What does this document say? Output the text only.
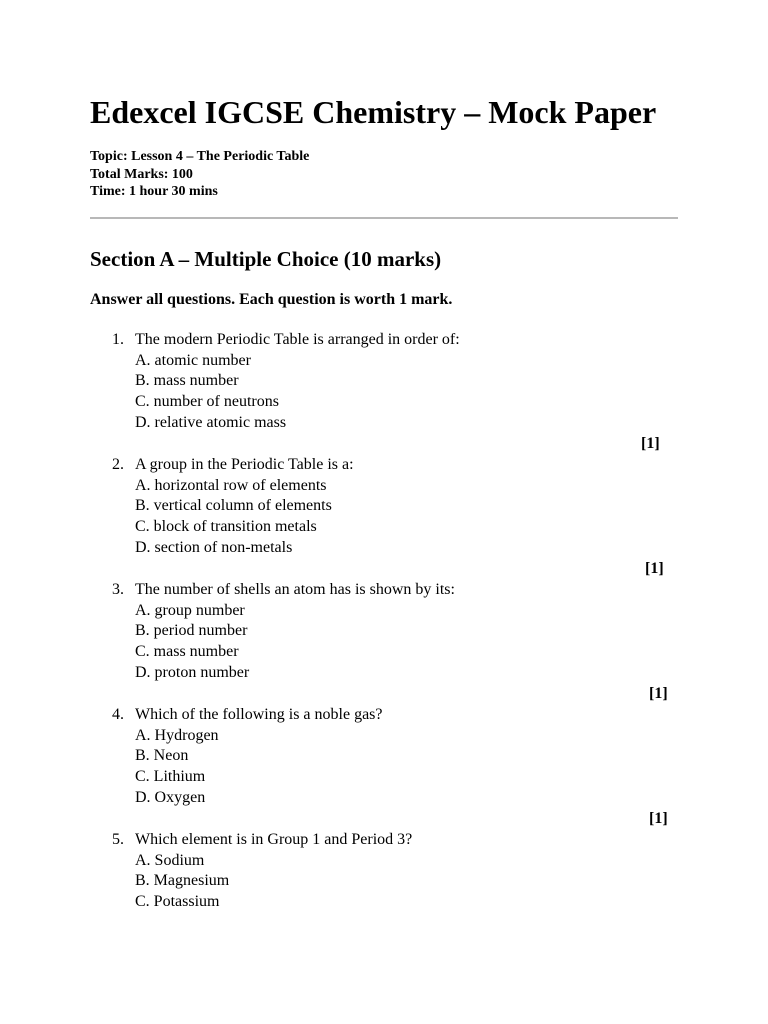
Edexcel IGCSE Chemistry – Mock Paper
Topic: Lesson 4 – The Periodic Table
Total Marks: 100
Time: 1 hour 30 mins
Section A – Multiple Choice (10 marks)
Answer all questions. Each question is worth 1 mark.
1. The modern Periodic Table is arranged in order of:
A. atomic number
B. mass number
C. number of neutrons
D. relative atomic mass
[1]
2. A group in the Periodic Table is a:
A. horizontal row of elements
B. vertical column of elements
C. block of transition metals
D. section of non-metals
[1]
3. The number of shells an atom has is shown by its:
A. group number
B. period number
C. mass number
D. proton number
[1]
4. Which of the following is a noble gas?
A. Hydrogen
B. Neon
C. Lithium
D. Oxygen
[1]
5. Which element is in Group 1 and Period 3?
A. Sodium
B. Magnesium
C. Potassium
